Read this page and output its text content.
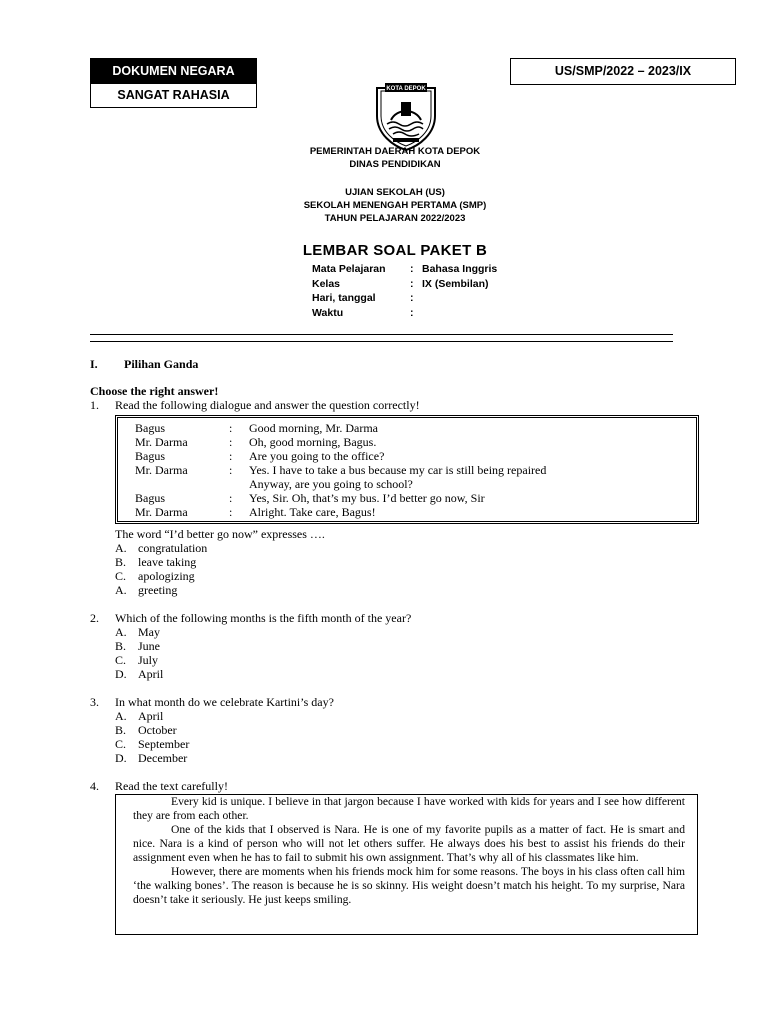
DOKUMEN NEGARA
SANGAT RAHASIA
US/SMP/2022 – 2023/IX
KOTA DEPOK
PEMERINTAH DAERAH KOTA DEPOK
DINAS PENDIDIKAN
UJIAN SEKOLAH (US)
SEKOLAH MENENGAH PERTAMA (SMP)
TAHUN PELAJARAN 2022/2023
LEMBAR SOAL PAKET B
Mata Pelajaran	: Bahasa Inggris
Kelas	: IX (Sembilan)
Hari, tanggal	:
Waktu	:
I. Pilihan Ganda
Choose the right answer!
1. Read the following dialogue and answer the question correctly!
Bagus	: Good morning, Mr. Darma
Mr. Darma	: Oh, good morning, Bagus.
Bagus	: Are you going to the office?
Mr. Darma	: Yes. I have to take a bus because my car is still being repaired
Anyway, are you going to school?
Bagus	: Yes, Sir. Oh, that’s my bus. I’d better go now, Sir
Mr. Darma	: Alright. Take care, Bagus!
The word “I’d better go now” expresses ….
A. congratulation
B. leave taking
C. apologizing
A. greeting
2. Which of the following months is the fifth month of the year?
A. May
B. June
C. July
D. April
3. In what month do we celebrate Kartini’s day?
A. April
B. October
C. September
D. December
4. Read the text carefully!

Every kid is unique. I believe in that jargon because I have worked with kids for years and I see how different they are from each other.

One of the kids that I observed is Nara. He is one of my favorite pupils as a matter of fact. He is smart and nice. Nara is a kind of person who will not let others suffer. He always does his best to assist his friends do their assignment even when he has to fail to submit his own assignment. That’s why all of his classmates like him.

However, there are moments when his friends mock him for some reasons. The boys in his class often call him ‘the walking bones’. The reason is because he is so skinny. His weight doesn’t match his height. To my surprise, Nara doesn’t take it seriously. He just keeps smiling.
